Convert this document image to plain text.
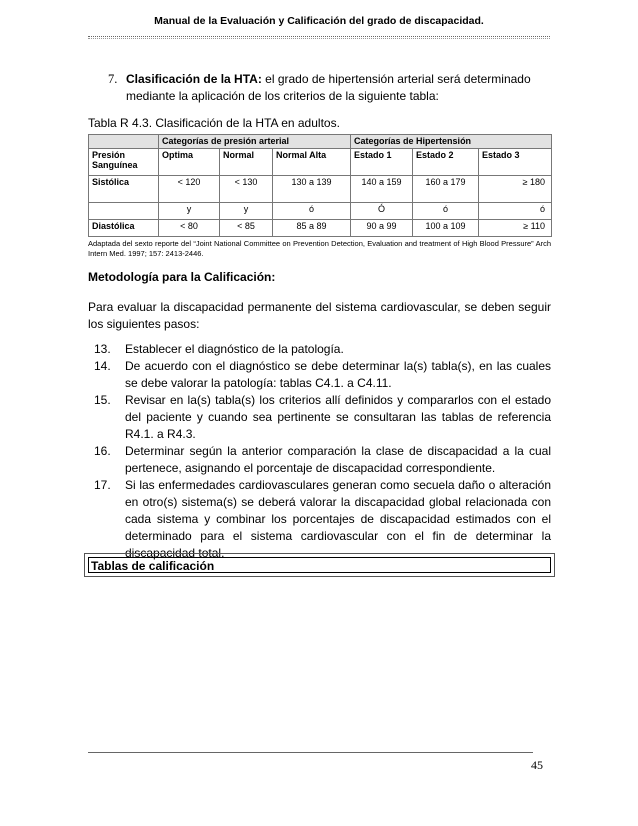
Manual de la Evaluación y Calificación del grado de discapacidad.
7. Clasificación de la HTA: el grado de hipertensión arterial será determinado mediante la aplicación de los criterios de la siguiente tabla:
Tabla R 4.3. Clasificación de la HTA en adultos.
	Categorías de presión arterial			Categorías de Hipertensión		
Presión Sanguínea	Optima	Normal	Normal Alta	Estado 1	Estado 2	Estado 3
Sistólica	< 120	< 130	130 a 139	140 a 159	160 a 179	≥ 180
	y	y	ó	Ó	ó	ó
Diastólica	< 80	< 85	85 a 89	90 a 99	100 a 109	≥ 110
Adaptada del sexto reporte del “Joint National Committee on Prevention Detection, Evaluation and treatment of High Blood Pressure” Arch Intern Med. 1997; 157: 2413-2446.
Metodología para la Calificación:
Para evaluar la discapacidad permanente del sistema cardiovascular, se deben seguir los siguientes pasos:
13. Establecer el diagnóstico de la patología.
14. De acuerdo con el diagnóstico se debe determinar la(s) tabla(s), en las cuales se debe valorar la patología: tablas C4.1. a C4.11.
15. Revisar en la(s) tabla(s) los criterios allí definidos y compararlos con el estado del paciente y cuando sea pertinente se consultaran las tablas de referencia R4.1. a R4.3.
16. Determinar según la anterior comparación la clase de discapacidad a la cual pertenece, asignando el porcentaje de discapacidad correspondiente.
17. Si las enfermedades cardiovasculares generan como secuela daño o alteración en otro(s) sistema(s) se deberá valorar la discapacidad global relacionada con cada sistema y combinar los porcentajes de discapacidad estimados con el determinado para el sistema cardiovascular con el fin de determinar la discapacidad total.
Tablas de calificación
45
